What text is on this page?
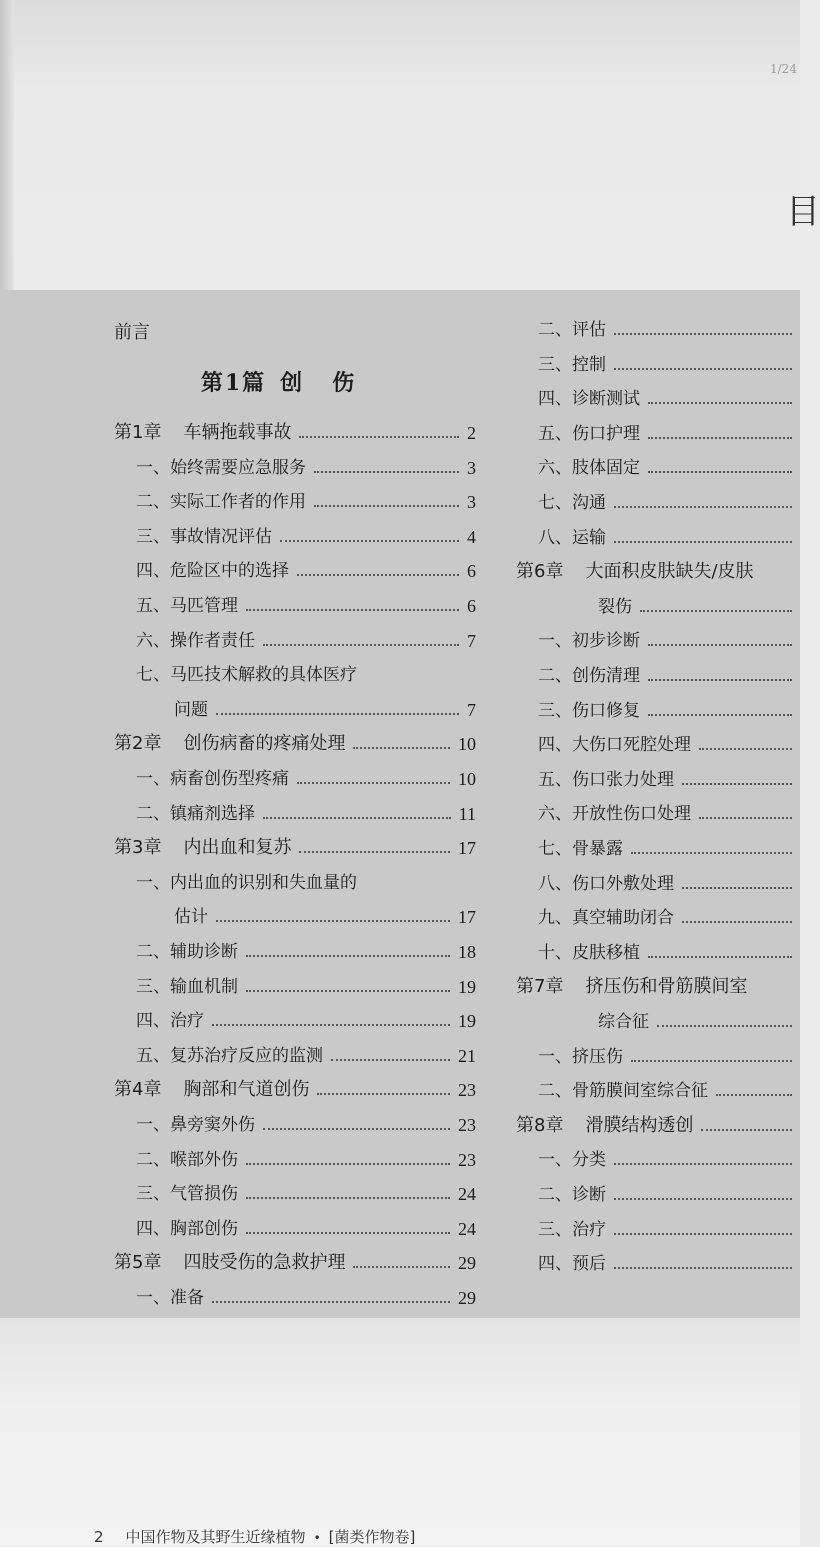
1/24
目
前言
第1篇 创伤
第1章 车辆拖载事故	2
一、始终需要应急服务	3
二、实际工作者的作用	3
三、事故情况评估	4
四、危险区中的选择	6
五、马匹管理	6
六、操作者责任	7
七、马匹技术解救的具体医疗
问题	7
第2章 创伤病畜的疼痛处理	10
一、病畜创伤型疼痛	10
二、镇痛剂选择	11
第3章 内出血和复苏	17
一、内出血的识别和失血量的
估计	17
二、辅助诊断	18
三、输血机制	19
四、治疗	19
五、复苏治疗反应的监测	21
第4章 胸部和气道创伤	23
一、鼻旁窦外伤	23
二、喉部外伤	23
三、气管损伤	24
四、胸部创伤	24
第5章 四肢受伤的急救护理	29
一、准备	29
二、评估
三、控制
四、诊断测试
五、伤口护理
六、肢体固定
七、沟通
八、运输
第6章 大面积皮肤缺失/皮肤
裂伤
一、初步诊断
二、创伤清理
三、伤口修复
四、大伤口死腔处理
五、伤口张力处理
六、开放性伤口处理
七、骨暴露
八、伤口外敷处理
九、真空辅助闭合
十、皮肤移植
第7章 挤压伤和骨筋膜间室
综合征
一、挤压伤
二、骨筋膜间室综合征
第8章 滑膜结构透创
一、分类
二、诊断
三、治疗
四、预后
2 中国作物及其野生近缘植物 • [菌类作物卷]
